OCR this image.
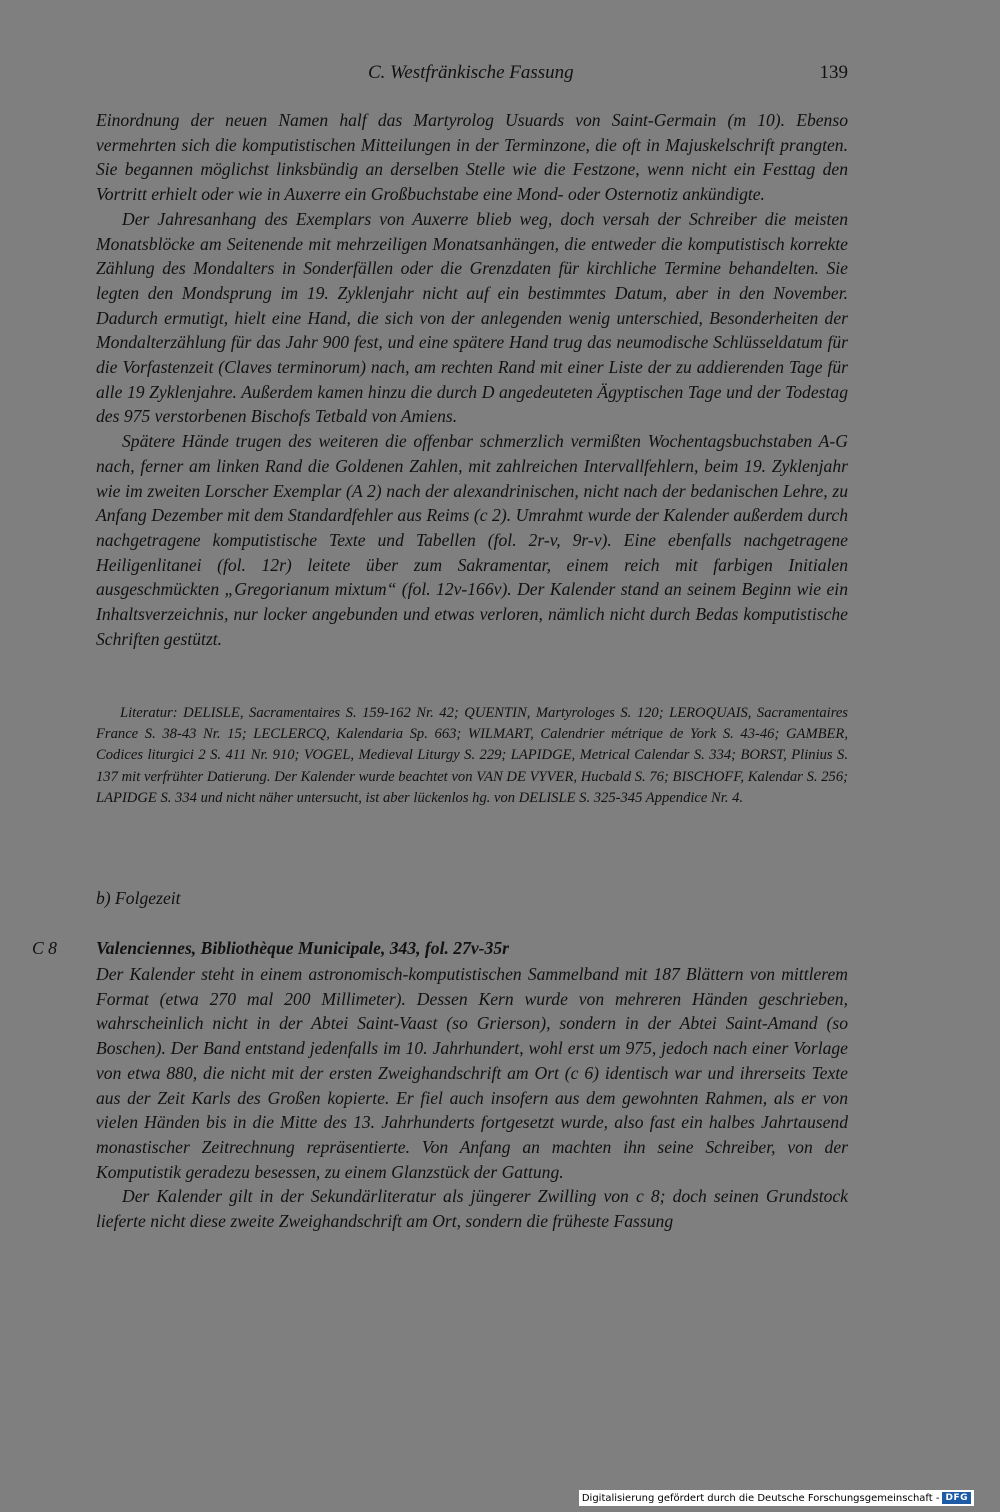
C. Westfränkische Fassung	139

Einordnung der neuen Namen half das Martyrolog Usuards von Saint-Germain (m 10). Ebenso vermehrten sich die komputistischen Mitteilungen in der Terminzone, die oft in Majuskelschrift prangten. Sie begannen möglichst linksbündig an derselben Stelle wie die Festzone, wenn nicht ein Festtag den Vortritt erhielt oder wie in Auxerre ein Großbuchstabe eine Mond- oder Osternotiz ankündigte.

Der Jahresanhang des Exemplars von Auxerre blieb weg, doch versah der Schreiber die meisten Monatsblöcke am Seitenende mit mehrzeiligen Monatsanhängen, die entweder die komputistisch korrekte Zählung des Mondalters in Sonderfällen oder die Grenzdaten für kirchliche Termine behandelten. Sie legten den Mondsprung im 19. Zyklenjahr nicht auf ein bestimmtes Datum, aber in den November. Dadurch ermutigt, hielt eine Hand, die sich von der anlegenden wenig unterschied, Besonderheiten der Mondalterzählung für das Jahr 900 fest, und eine spätere Hand trug das neumodische Schlüsseldatum für die Vorfastenzeit (Claves terminorum) nach, am rechten Rand mit einer Liste der zu addierenden Tage für alle 19 Zyklenjahre. Außerdem kamen hinzu die durch D angedeuteten Ägyptischen Tage und der Todestag des 975 verstorbenen Bischofs Tetbald von Amiens.

Spätere Hände trugen des weiteren die offenbar schmerzlich vermißten Wochentagsbuchstaben A-G nach, ferner am linken Rand die Goldenen Zahlen, mit zahlreichen Intervallfehlern, beim 19. Zyklenjahr wie im zweiten Lorscher Exemplar (A 2) nach der alexandrinischen, nicht nach der bedanischen Lehre, zu Anfang Dezember mit dem Standardfehler aus Reims (c 2). Umrahmt wurde der Kalender außerdem durch nachgetragene komputistische Texte und Tabellen (fol. 2r-v, 9r-v). Eine ebenfalls nachgetragene Heiligenlitanei (fol. 12r) leitete über zum Sakramentar, einem reich mit farbigen Initialen ausgeschmückten „Gregorianum mixtum“ (fol. 12v-166v). Der Kalender stand an seinem Beginn wie ein Inhaltsverzeichnis, nur locker angebunden und etwas verloren, nämlich nicht durch Bedas komputistische Schriften gestützt.

Literatur: DELISLE, Sacramentaires S. 159-162 Nr. 42; QUENTIN, Martyrologes S. 120; LEROQUAIS, Sacramentaires France S. 38-43 Nr. 15; LECLERCQ, Kalendaria Sp. 663; WILMART, Calendrier métrique de York S. 43-46; GAMBER, Codices liturgici 2 S. 411 Nr. 910; VOGEL, Medieval Liturgy S. 229; LAPIDGE, Metrical Calendar S. 334; BORST, Plinius S. 137 mit verfrühter Datierung. Der Kalender wurde beachtet von VAN DE VYVER, Hucbald S. 76; BISCHOFF, Kalendar S. 256; LAPIDGE S. 334 und nicht näher untersucht, ist aber lückenlos hg. von DELISLE S. 325-345 Appendice Nr. 4.

b) Folgezeit

C 8 Valenciennes, Bibliothèque Municipale, 343, fol. 27v-35r

Der Kalender steht in einem astronomisch-komputistischen Sammelband mit 187 Blättern von mittlerem Format (etwa 270 mal 200 Millimeter). Dessen Kern wurde von mehreren Händen geschrieben, wahrscheinlich nicht in der Abtei Saint-Vaast (so Grierson), sondern in der Abtei Saint-Amand (so Boschen). Der Band entstand jedenfalls im 10. Jahrhundert, wohl erst um 975, jedoch nach einer Vorlage von etwa 880, die nicht mit der ersten Zweighandschrift am Ort (c 6) identisch war und ihrerseits Texte aus der Zeit Karls des Großen kopierte. Er fiel auch insofern aus dem gewohnten Rahmen, als er von vielen Händen bis in die Mitte des 13. Jahrhunderts fortgesetzt wurde, also fast ein halbes Jahrtausend monastischer Zeitrechnung repräsentierte. Von Anfang an machten ihn seine Schreiber, von der Komputistik geradezu besessen, zu einem Glanzstück der Gattung.

Der Kalender gilt in der Sekundärliteratur als jüngerer Zwilling von c 8; doch seinen Grundstock lieferte nicht diese zweite Zweighandschrift am Ort, sondern die früheste Fassung

Digitalisierung gefördert durch die Deutsche Forschungsgemeinschaft - DFG
